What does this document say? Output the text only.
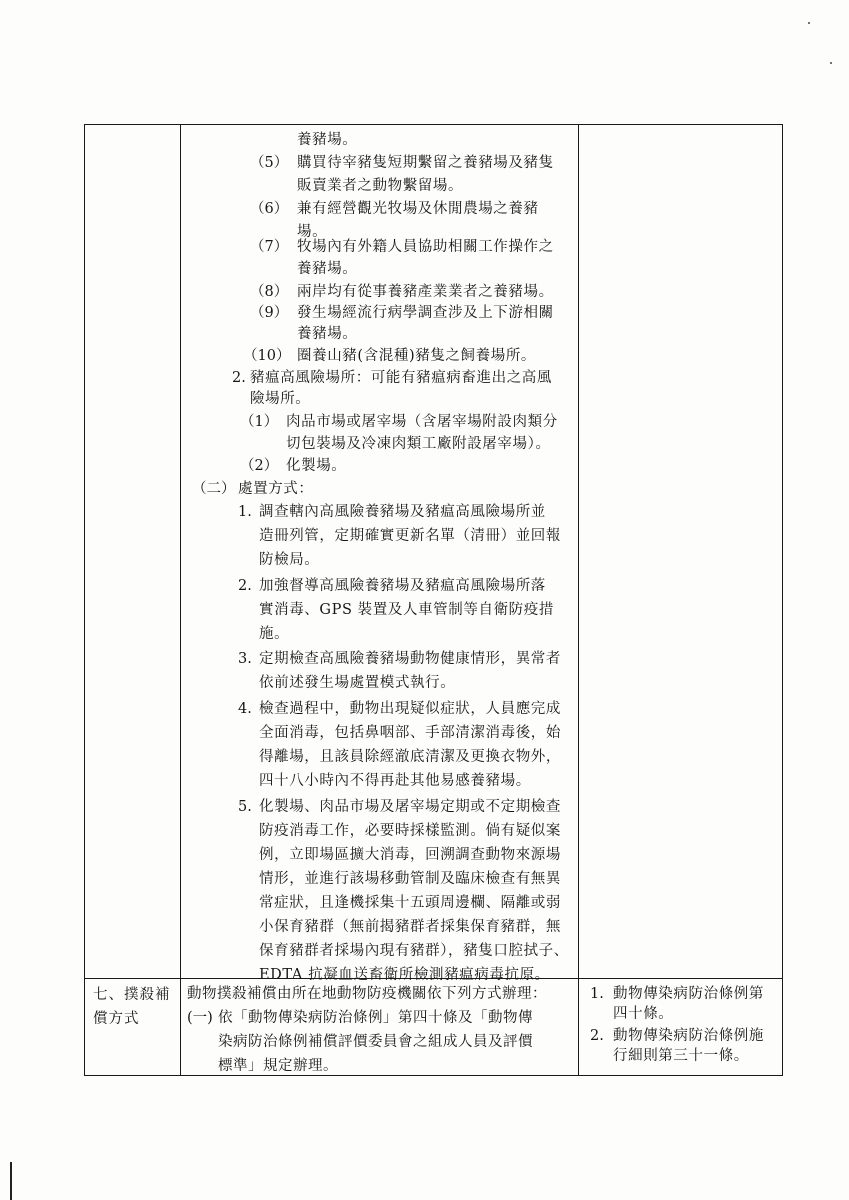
養豬場。
（5） 購買待宰豬隻短期繫留之養豬場及豬隻
販賣業者之動物繫留場。
（6） 兼有經營觀光牧場及休閒農場之養豬
場。
（7） 牧場內有外籍人員協助相關工作操作之
養豬場。
（8） 兩岸均有從事養豬產業業者之養豬場。
（9） 發生場經流行病學調查涉及上下游相關
養豬場。
（10） 圈養山豬(含混種)豬隻之飼養場所。
2. 豬瘟高風險場所：可能有豬瘟病畜進出之高風
險場所。
（1） 肉品市場或屠宰場（含屠宰場附設肉類分
切包裝場及冷凍肉類工廠附設屠宰場）。
（2） 化製場。
（二） 處置方式：
1. 調查轄內高風險養豬場及豬瘟高風險場所並
造冊列管，定期確實更新名單（清冊）並回報
防檢局。
2. 加強督導高風險養豬場及豬瘟高風險場所落
實消毒、GPS 裝置及人車管制等自衛防疫措
施。
3. 定期檢查高風險養豬場動物健康情形，異常者
依前述發生場處置模式執行。
4. 檢查過程中，動物出現疑似症狀，人員應完成
全面消毒，包括鼻咽部、手部清潔消毒後，始
得離場，且該員除經澈底清潔及更換衣物外，
四十八小時內不得再赴其他易感養豬場。
5. 化製場、肉品市場及屠宰場定期或不定期檢查
防疫消毒工作，必要時採樣監測。倘有疑似案
例，立即場區擴大消毒，回溯調查動物來源場
情形，並進行該場移動管制及臨床檢查有無異
常症狀，且逢機採集十五頭周邊欄、隔離或弱
小保育豬群（無前揭豬群者採集保育豬群，無
保育豬群者採場內現有豬群），豬隻口腔拭子、
EDTA 抗凝血送畜衛所檢測豬瘟病毒抗原。
七、撲殺補
償方式
動物撲殺補償由所在地動物防疫機關依下列方式辦理：
(一) 依「動物傳染病防治條例」第四十條及「動物傳
染病防治條例補償評價委員會之組成人員及評價
標準」規定辦理。
1. 動物傳染病防治條例第
四十條。
2. 動物傳染病防治條例施
行細則第三十一條。
